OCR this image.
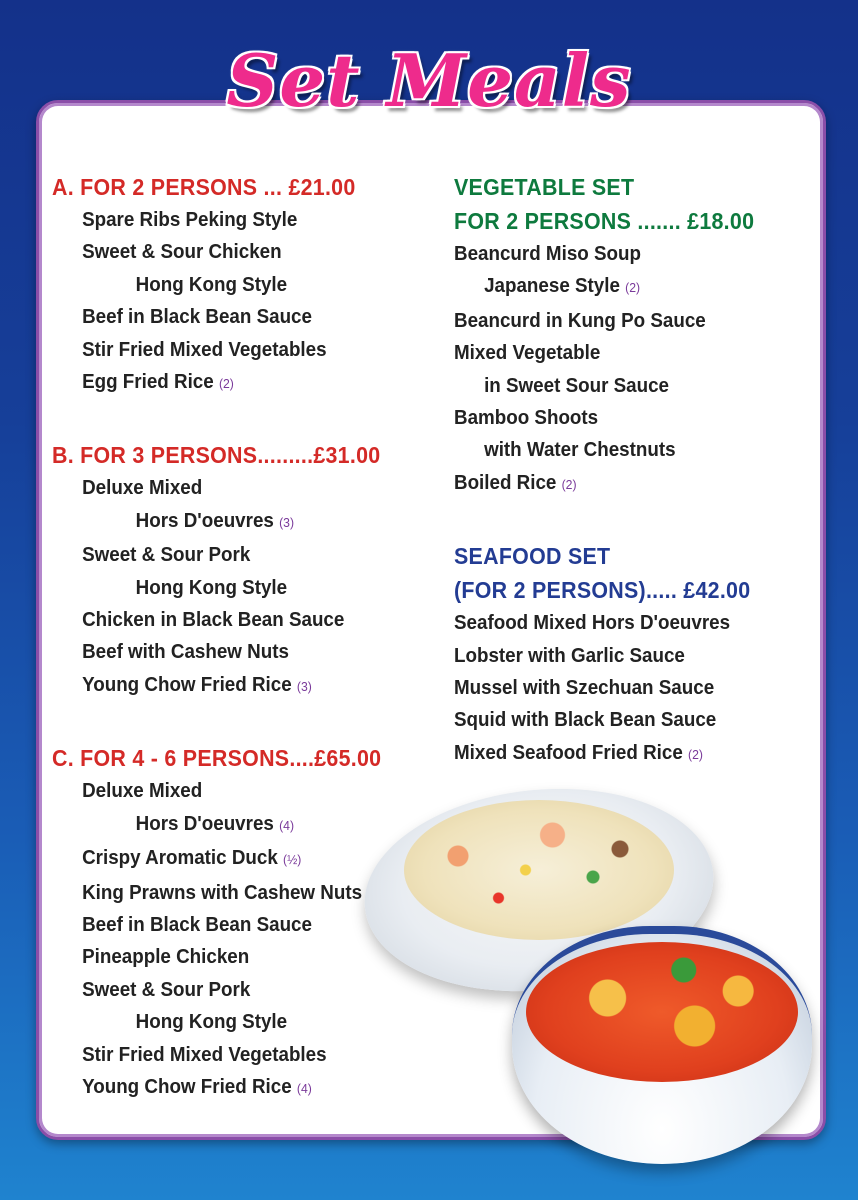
Set Meals
A. FOR 2 PERSONS ... £21.00
Spare Ribs Peking Style
Sweet & Sour Chicken
Hong Kong Style
Beef in Black Bean Sauce
Stir Fried Mixed Vegetables
Egg Fried Rice (2)
B. FOR 3 PERSONS.........£31.00
Deluxe Mixed
Hors D'oeuvres (3)
Sweet & Sour Pork
Hong Kong Style
Chicken in Black Bean Sauce
Beef with Cashew Nuts
Young Chow Fried Rice (3)
C. FOR 4 - 6 PERSONS....£65.00
Deluxe Mixed
Hors D'oeuvres (4)
Crispy Aromatic Duck (½)
King Prawns with Cashew Nuts
Beef in Black Bean Sauce
Pineapple Chicken
Sweet & Sour Pork
Hong Kong Style
Stir Fried Mixed Vegetables
Young Chow Fried Rice (4)
VEGETABLE SET
FOR 2 PERSONS ....... £18.00
Beancurd Miso Soup
Japanese Style (2)
Beancurd in Kung Po Sauce
Mixed Vegetable
in Sweet Sour Sauce
Bamboo Shoots
with Water Chestnuts
Boiled Rice (2)
SEAFOOD SET
(FOR 2 PERSONS)..... £42.00
Seafood Mixed Hors D'oeuvres
Lobster with Garlic Sauce
Mussel with Szechuan Sauce
Squid with Black Bean Sauce
Mixed Seafood Fried Rice (2)
